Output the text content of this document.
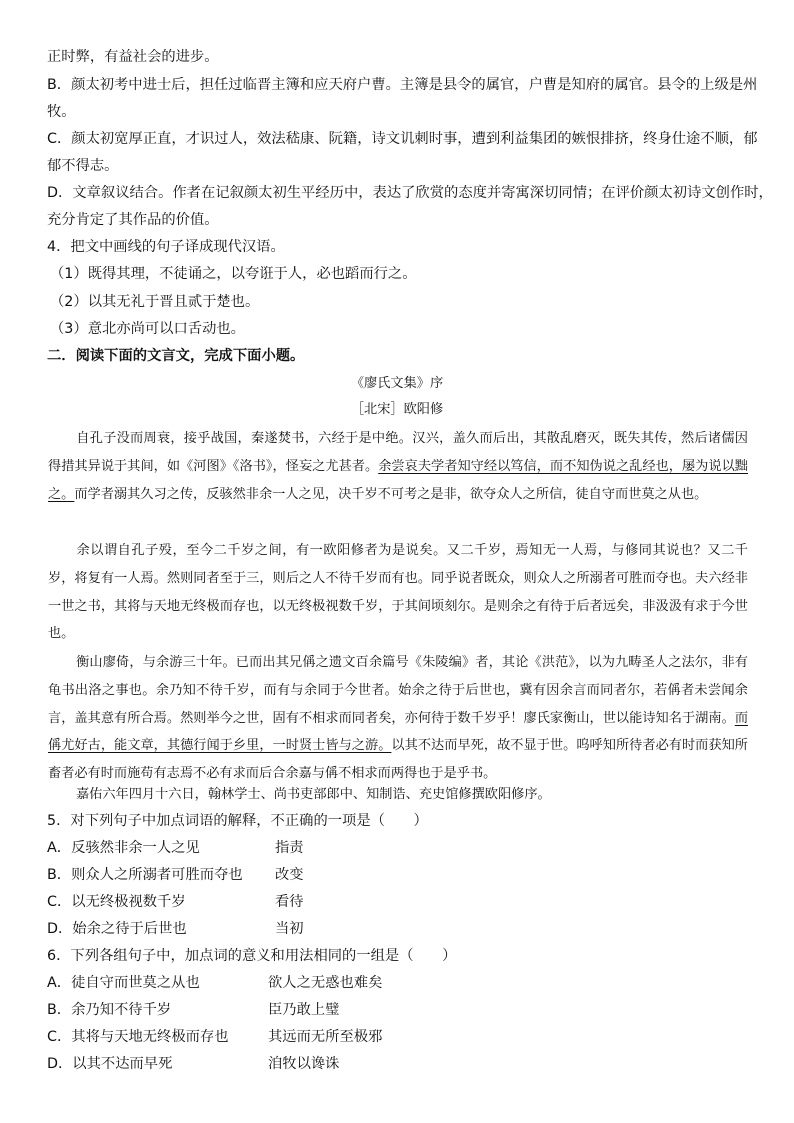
正时弊，有益社会的进步。
B．颜太初考中进士后，担任过临晋主簿和应天府户曹。主簿是县令的属官，户曹是知府的属官。县令的上级是州
牧。
C．颜太初宽厚正直，才识过人，效法嵇康、阮籍，诗文讥刺时事，遭到利益集团的嫉恨排挤，终身仕途不顺，郁
郁不得志。
D．文章叙议结合。作者在记叙颜太初生平经历中，表达了欣赏的态度并寄寓深切同情；在评价颜太初诗文创作时，
充分肯定了其作品的价值。
4．把文中画线的句子译成现代汉语。
（1）既得其理，不徒诵之，以夸诳于人，必也蹈而行之。
（2）以其无礼于晋且贰于楚也。
（3）意北亦尚可以口舌动也。
二．阅读下面的文言文，完成下面小题。
《廖氏文集》序
［北宋］欧阳修
自孔子没而周衰，接乎战国，秦遂焚书，六经于是中绝。汉兴，盖久而后出，其散乱磨灭，既失其传，然后诸儒因得措其异说于其间，如《河图》《洛书》，怪妄之尤甚者。余尝哀夫学者知守经以笃信，而不知伪说之乱经也，屡为说以黜之。而学者溺其久习之传，反骇然非余一人之见，决千岁不可考之是非，欲夺众人之所信，徒自守而世莫之从也。
余以谓自孔子殁，至今二千岁之间，有一欧阳修者为是说矣。又二千岁，焉知无一人焉，与修同其说也？又二千岁，将复有一人焉。然则同者至于三，则后之人不待千岁而有也。同乎说者既众，则众人之所溺者可胜而夺也。夫六经非一世之书，其将与天地无终极而存也，以无终极视数千岁，于其间顷刻尔。是则余之有待于后者远矣，非汲汲有求于今世也。
衡山廖倚，与余游三十年。已而出其兄偁之遗文百余篇号《朱陵编》者，其论《洪范》，以为九畴圣人之法尔，非有龟书出洛之事也。余乃知不待千岁，而有与余同于今世者。始余之待于后世也，冀有因余言而同者尔，若偁者未尝闻余言，盖其意有所合焉。然则举今之世，固有不相求而同者矣，亦何待于数千岁乎！廖氏家衡山，世以能诗知名于湖南。而偁尤好古，能文章，其德行闻于乡里，一时贤士皆与之游。以其不达而早死，故不显于世。呜呼知所待者必有时而获知所畜者必有时而施苟有志焉不必有求而后合余嘉与偁不相求而两得也于是乎书。
嘉佑六年四月十六日，翰林学士、尚书吏部郎中、知制诰、充史馆修撰欧阳修序。
5．对下列句子中加点词语的解释，不正确的一项是（　　）
A．反骇然非余一人之见	指责
B．则众人之所溺者可胜而夺也 改变
C．以无终极视数千岁	看待
D．始余之待于后世也	当初
6．下列各组句子中，加点词的意义和用法相同的一组是（　　）
A．徒自守而世莫之从也	欲人之无惑也难矣
B．余乃知不待千岁	臣乃敢上璧
C．其将与天地无终极而存也	其远而无所至极邪
D．以其不达而早死	洎牧以谗诛
